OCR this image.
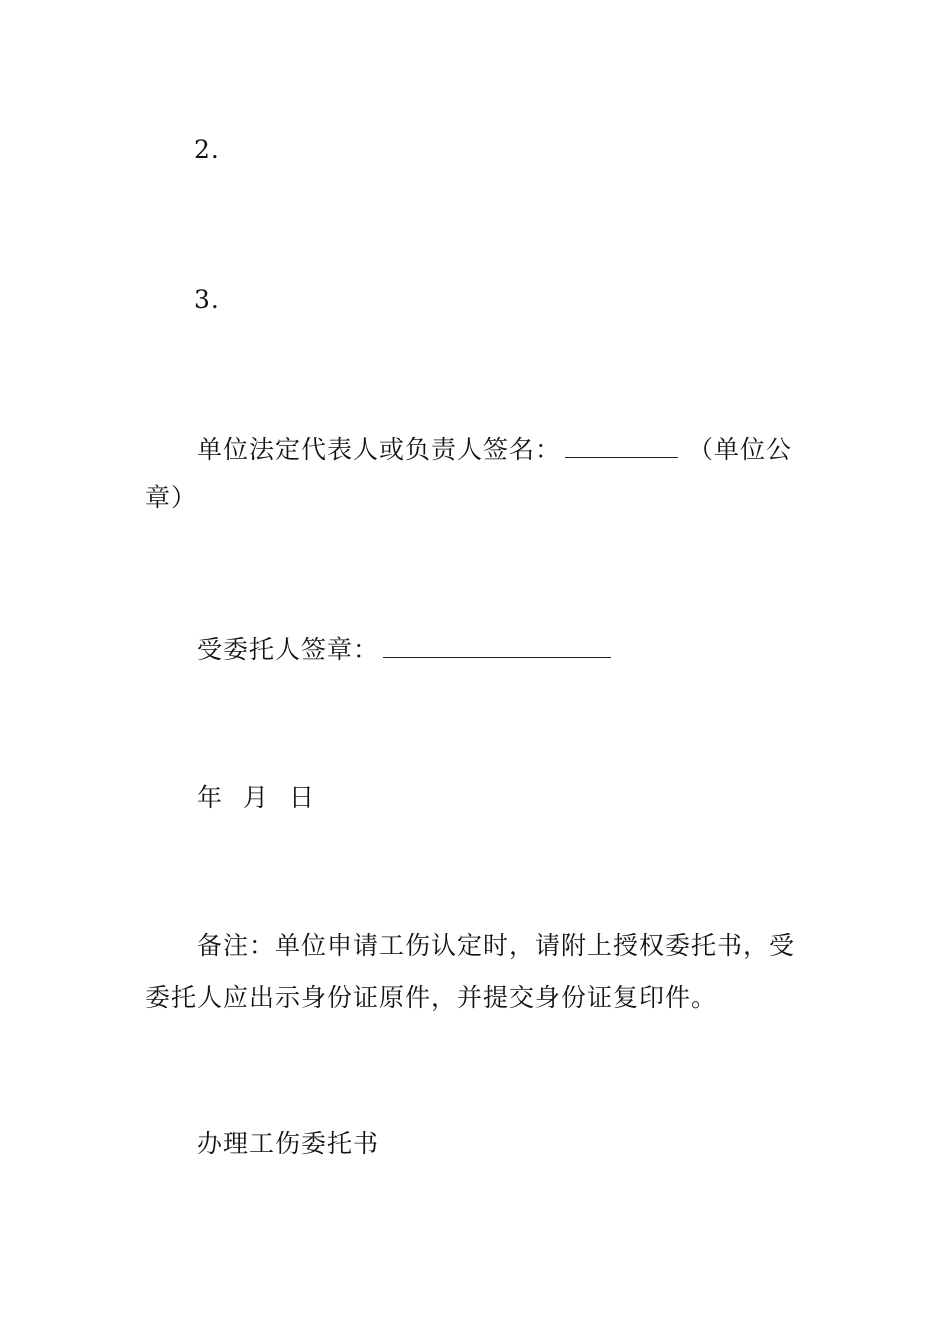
2.
3.
单位法定代表人或负责人签名：	（单位公
章）
受委托人签章：
年 月 日
备注：单位申请工伤认定时，请附上授权委托书，受
委托人应出示身份证原件，并提交身份证复印件。
办理工伤委托书
